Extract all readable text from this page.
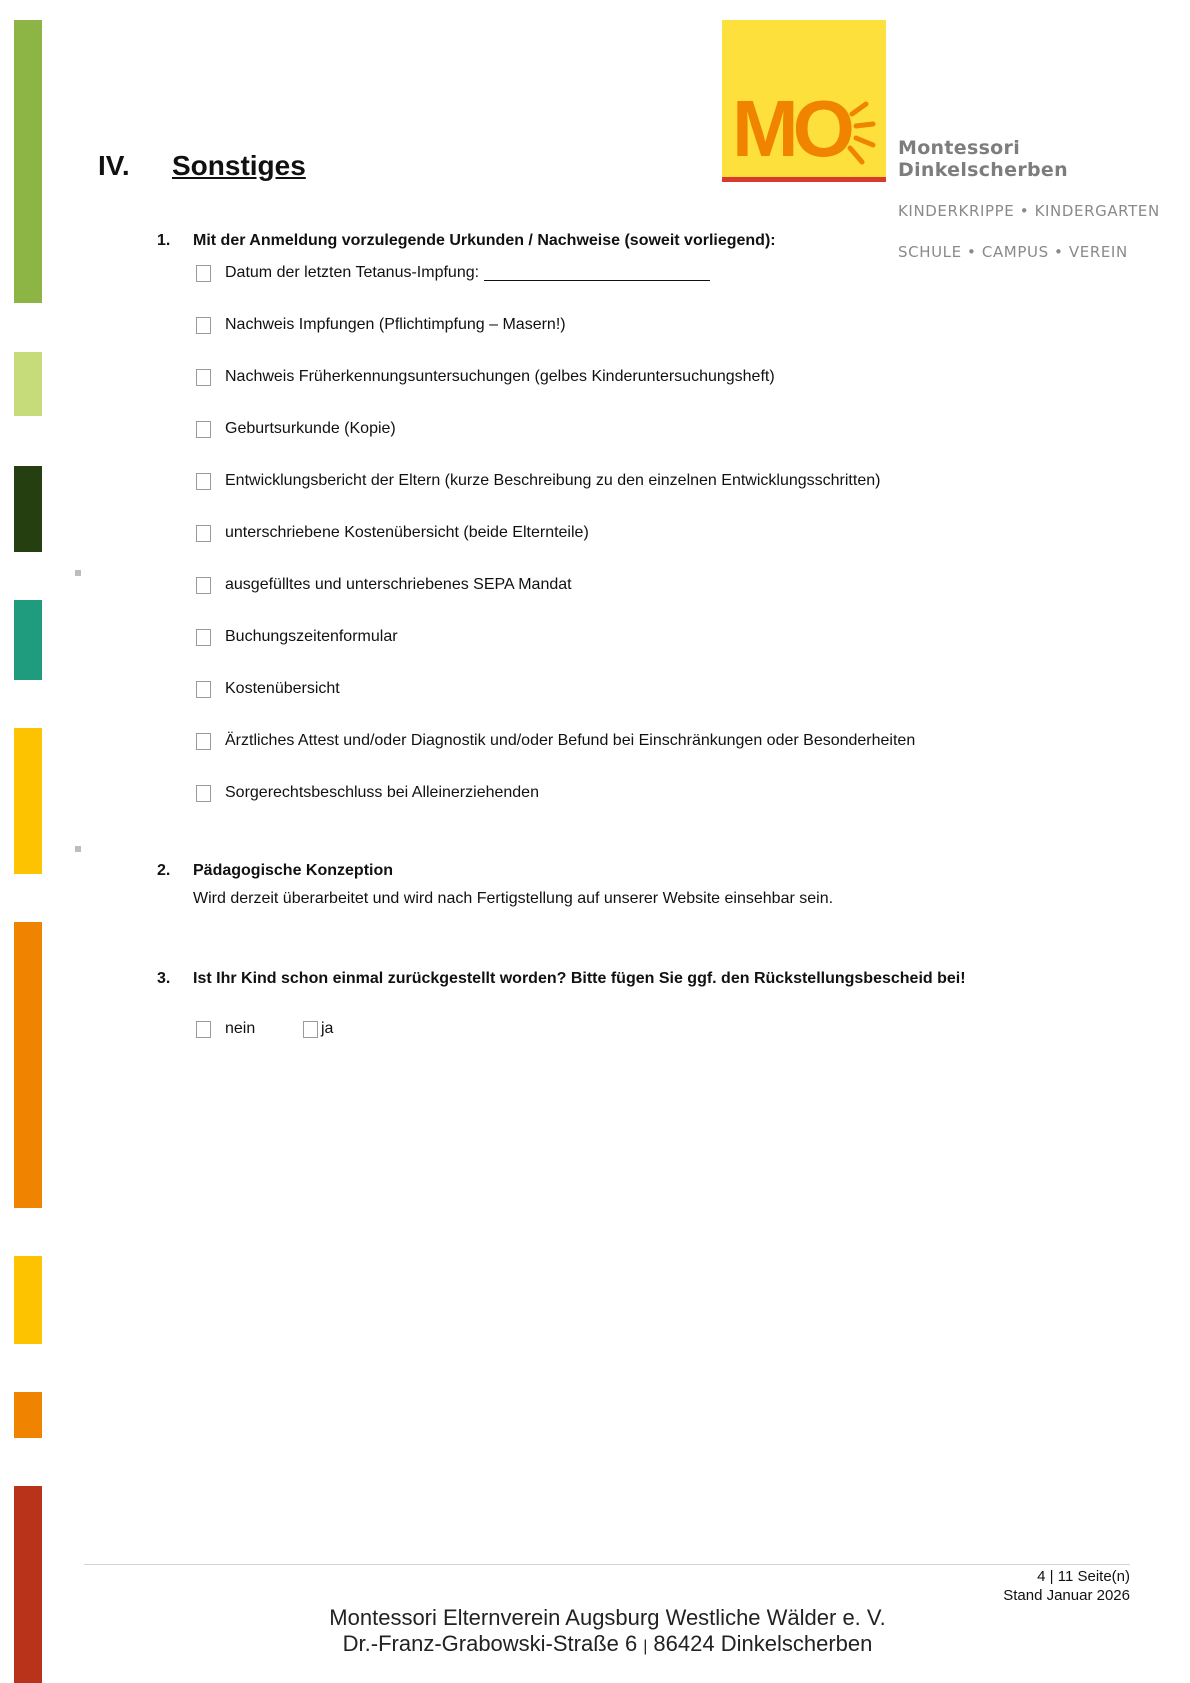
MO	Montessori
Dinkelscherben
KINDERKRIPPE • KINDERGARTEN
SCHULE • CAMPUS • VEREIN
IV. Sonstiges
1. Mit der Anmeldung vorzulegende Urkunden / Nachweise (soweit vorliegend):
Datum der letzten Tetanus-Impfung:
Nachweis Impfungen (Pflichtimpfung – Masern!)
Nachweis Früherkennungsuntersuchungen (gelbes Kinderuntersuchungsheft)
Geburtsurkunde (Kopie)
Entwicklungsbericht der Eltern (kurze Beschreibung zu den einzelnen Entwicklungsschritten)
unterschriebene Kostenübersicht (beide Elternteile)
ausgefülltes und unterschriebenes SEPA Mandat
Buchungszeitenformular
Kostenübersicht
Ärztliches Attest und/oder Diagnostik und/oder Befund bei Einschränkungen oder Besonderheiten
Sorgerechtsbeschluss bei Alleinerziehenden
2. Pädagogische Konzeption
Wird derzeit überarbeitet und wird nach Fertigstellung auf unserer Website einsehbar sein.
3. Ist Ihr Kind schon einmal zurückgestellt worden? Bitte fügen Sie ggf. den Rückstellungsbescheid bei!
nein	ja
4 | 11 Seite(n)
Stand Januar 2026
Montessori Elternverein Augsburg Westliche Wälder e. V.
Dr.-Franz-Grabowski-Straße 6 | 86424 Dinkelscherben
